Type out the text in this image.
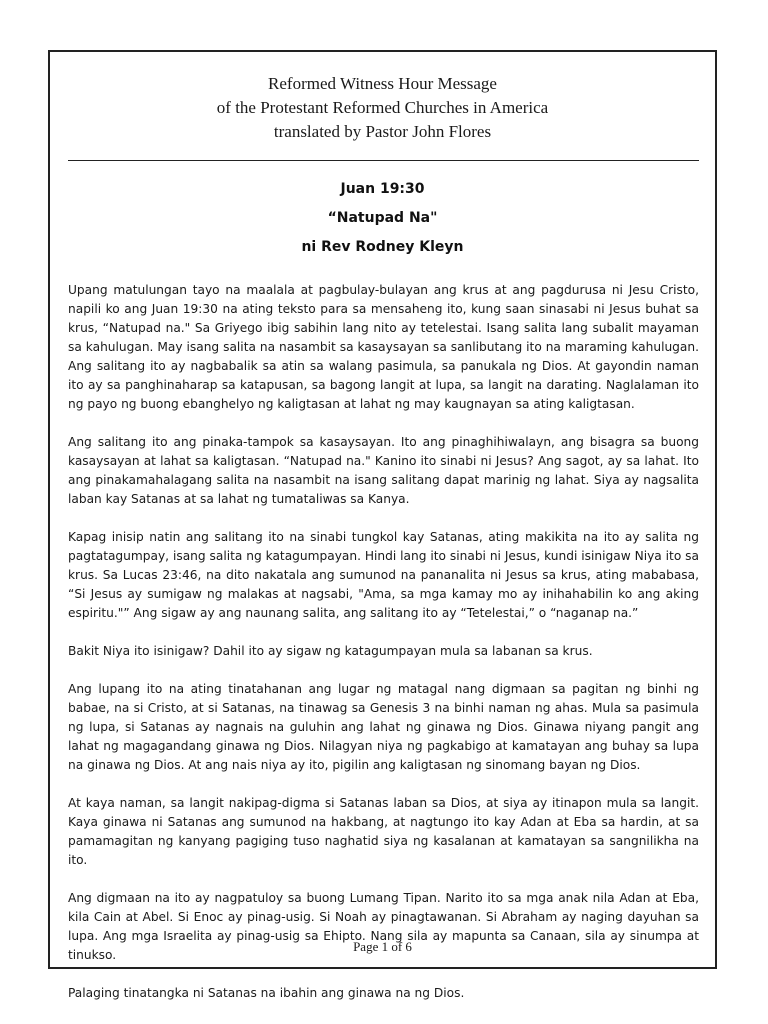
Reformed Witness Hour Message
of the Protestant Reformed Churches in America
translated by Pastor John Flores
Juan 19:30
“Natupad Na"
ni Rev Rodney Kleyn

Upang matulungan tayo na maalala at pagbulay-bulayan ang krus at ang pagdurusa ni Jesu Cristo, napili ko ang Juan 19:30 na ating teksto para sa mensaheng ito, kung saan sinasabi ni Jesus buhat sa krus, “Natupad na." Sa Griyego ibig sabihin lang nito ay tetelestai. Isang salita lang subalit mayaman sa kahulugan. May isang salita na nasambit sa kasaysayan sa sanlibutang ito na maraming kahulugan. Ang salitang ito ay nagbabalik sa atin sa walang pasimula, sa panukala ng Dios. At gayondin naman ito ay sa panghinaharap sa katapusan, sa bagong langit at lupa, sa langit na darating. Naglalaman ito ng payo ng buong ebanghelyo ng kaligtasan at lahat ng may kaugnayan sa ating kaligtasan.

Ang salitang ito ang pinaka-tampok sa kasaysayan. Ito ang pinaghihiwalayn, ang bisagra sa buong kasaysayan at lahat sa kaligtasan. “Natupad na." Kanino ito sinabi ni Jesus? Ang sagot, ay sa lahat. Ito ang pinakamahalagang salita na nasambit na isang salitang dapat marinig ng lahat. Siya ay nagsalita laban kay Satanas at sa lahat ng tumataliwas sa Kanya.

Kapag inisip natin ang salitang ito na sinabi tungkol kay Satanas, ating makikita na ito ay salita ng pagtatagumpay, isang salita ng katagumpayan. Hindi lang ito sinabi ni Jesus, kundi isinigaw Niya ito sa krus. Sa Lucas 23:46, na dito nakatala ang sumunod na pananalita ni Jesus sa krus, ating mababasa, “Si Jesus ay sumigaw ng malakas at nagsabi, "Ama, sa mga kamay mo ay inihahabilin ko ang aking espiritu."” Ang sigaw ay ang naunang salita, ang salitang ito ay “Tetelestai,” o “naganap na.”

Bakit Niya ito isinigaw? Dahil ito ay sigaw ng katagumpayan mula sa labanan sa krus.

Ang lupang ito na ating tinatahanan ang lugar ng matagal nang digmaan sa pagitan ng binhi ng babae, na si Cristo, at si Satanas, na tinawag sa Genesis 3 na binhi naman ng ahas. Mula sa pasimula ng lupa, si Satanas ay nagnais na guluhin ang lahat ng ginawa ng Dios. Ginawa niyang pangit ang lahat ng magagandang ginawa ng Dios. Nilagyan niya ng pagkabigo at kamatayan ang buhay sa lupa na ginawa ng Dios. At ang nais niya ay ito, pigilin ang kaligtasan ng sinomang bayan ng Dios.

At kaya naman, sa langit nakipag-digma si Satanas laban sa Dios, at siya ay itinapon mula sa langit. Kaya ginawa ni Satanas ang sumunod na hakbang, at nagtungo ito kay Adan at Eba sa hardin, at sa pamamagitan ng kanyang pagiging tuso naghatid siya ng kasalanan at kamatayan sa sangnilikha na ito.

Ang digmaan na ito ay nagpatuloy sa buong Lumang Tipan. Narito ito sa mga anak nila Adan at Eba, kila Cain at Abel. Si Enoc ay pinag-usig. Si Noah ay pinagtawanan. Si Abraham ay naging dayuhan sa lupa. Ang mga Israelita ay pinag-usig sa Ehipto. Nang sila ay mapunta sa Canaan, sila ay sinumpa at tinukso.

Palaging tinatangka ni Satanas na ibahin ang ginawa na ng Dios.

Page 1 of 6
